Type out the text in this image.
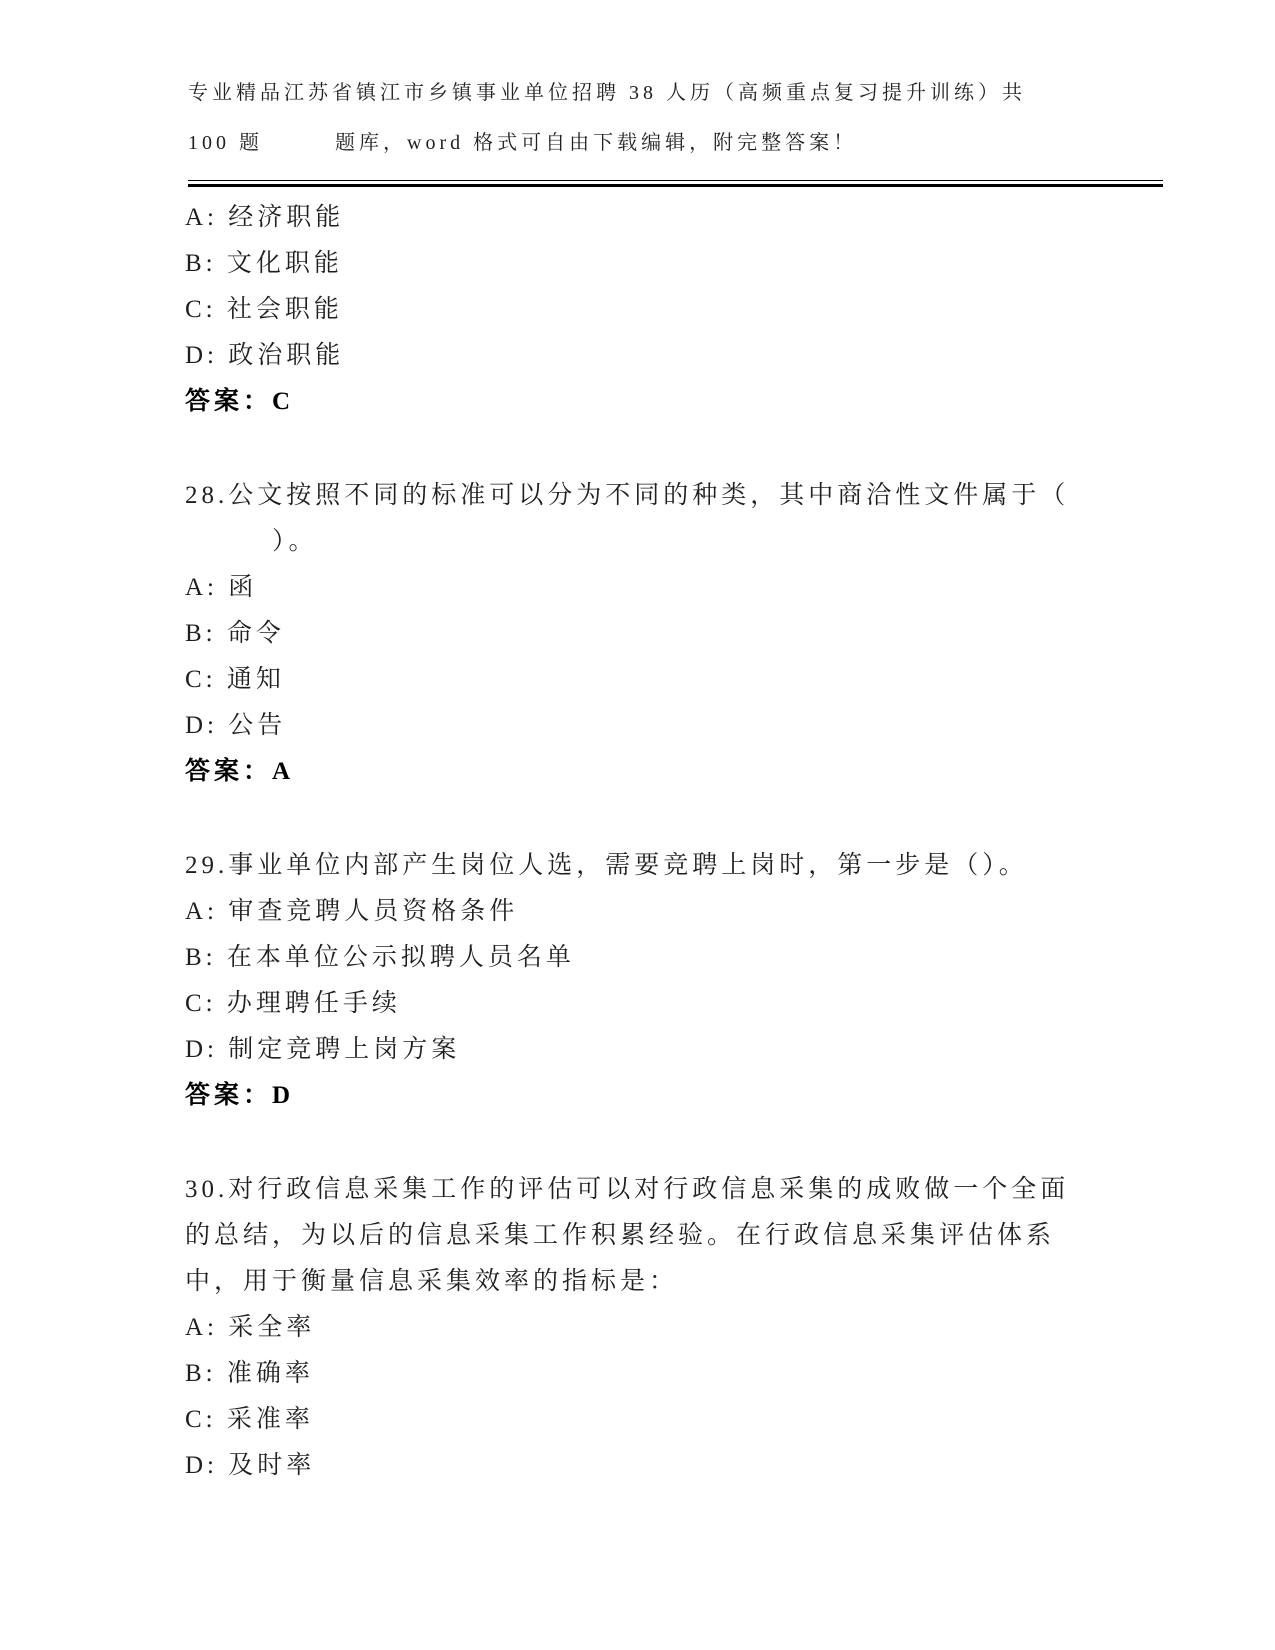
专业精品江苏省镇江市乡镇事业单位招聘 38 人历（高频重点复习提升训练）共
100 题　　　题库，word 格式可自由下载编辑，附完整答案！
A: 经济职能
B: 文化职能
C: 社会职能
D: 政治职能
答案：C
28.公文按照不同的标准可以分为不同的种类，其中商洽性文件属于（
　　　）。
A: 函
B: 命令
C: 通知
D: 公告
答案：A
29.事业单位内部产生岗位人选，需要竞聘上岗时，第一步是（）。
A: 审查竞聘人员资格条件
B: 在本单位公示拟聘人员名单
C: 办理聘任手续
D: 制定竞聘上岗方案
答案：D
30.对行政信息采集工作的评估可以对行政信息采集的成败做一个全面
的总结，为以后的信息采集工作积累经验。在行政信息采集评估体系
中，用于衡量信息采集效率的指标是：
A: 采全率
B: 准确率
C: 采准率
D: 及时率
